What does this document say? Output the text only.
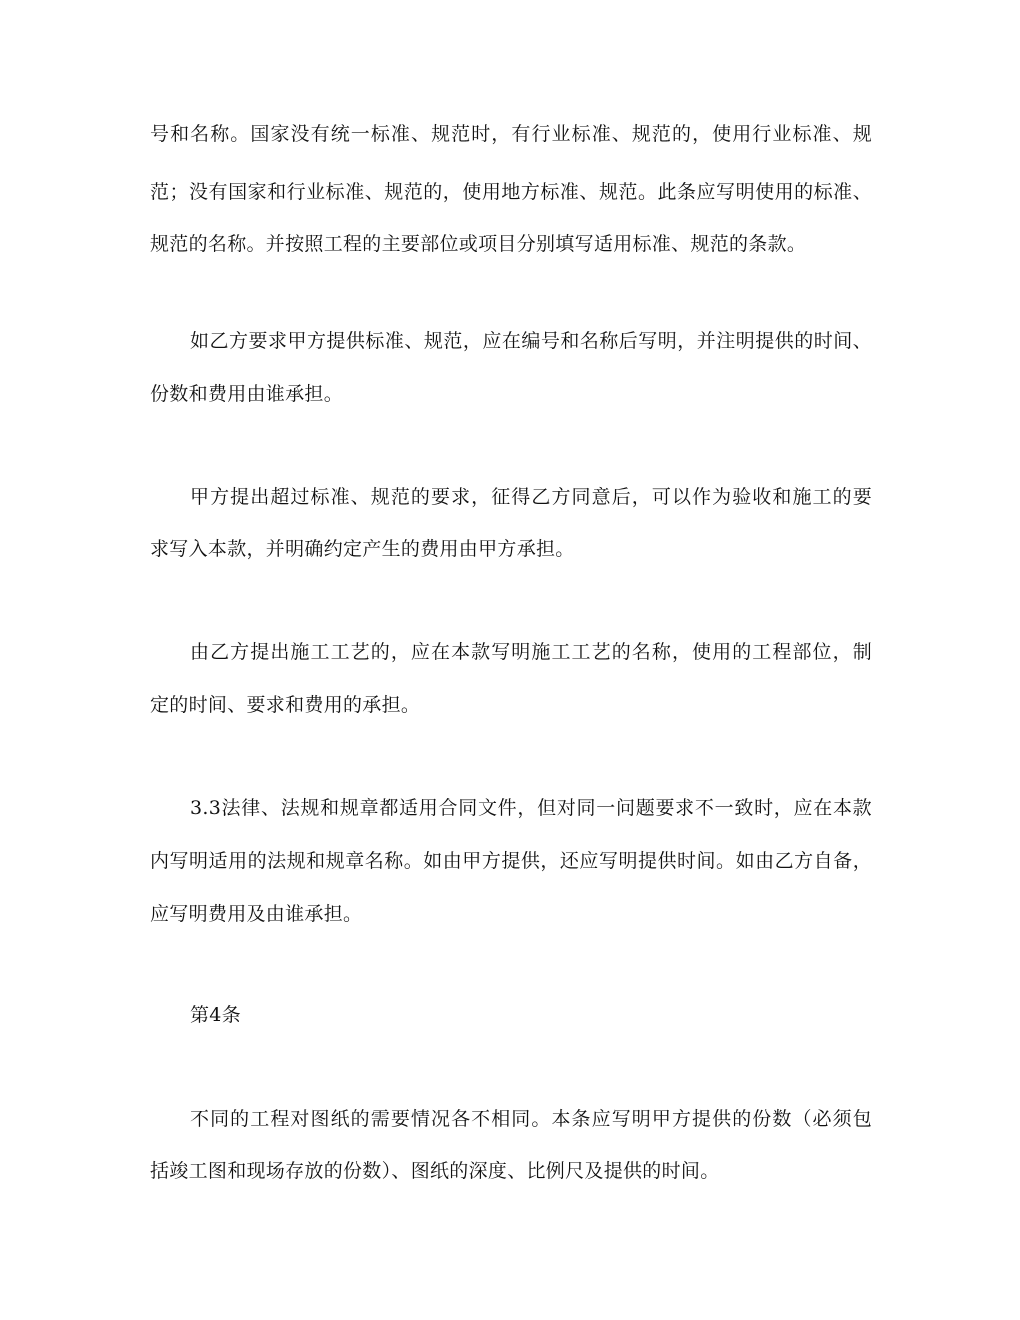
号和名称。国家没有统一标准、规范时，有行业标准、规范的，使用行业标准、规
范；没有国家和行业标准、规范的，使用地方标准、规范。此条应写明使用的标准、
规范的名称。并按照工程的主要部位或项目分别填写适用标准、规范的条款。
如乙方要求甲方提供标准、规范，应在编号和名称后写明，并注明提供的时间、
份数和费用由谁承担。
甲方提出超过标准、规范的要求，征得乙方同意后，可以作为验收和施工的要
求写入本款，并明确约定产生的费用由甲方承担。
由乙方提出施工工艺的，应在本款写明施工工艺的名称，使用的工程部位，制
定的时间、要求和费用的承担。
3.3法律、法规和规章都适用合同文件，但对同一问题要求不一致时，应在本款
内写明适用的法规和规章名称。如由甲方提供，还应写明提供时间。如由乙方自备，
应写明费用及由谁承担。
第4条
不同的工程对图纸的需要情况各不相同。本条应写明甲方提供的份数（必须包
括竣工图和现场存放的份数）、图纸的深度、比例尺及提供的时间。
